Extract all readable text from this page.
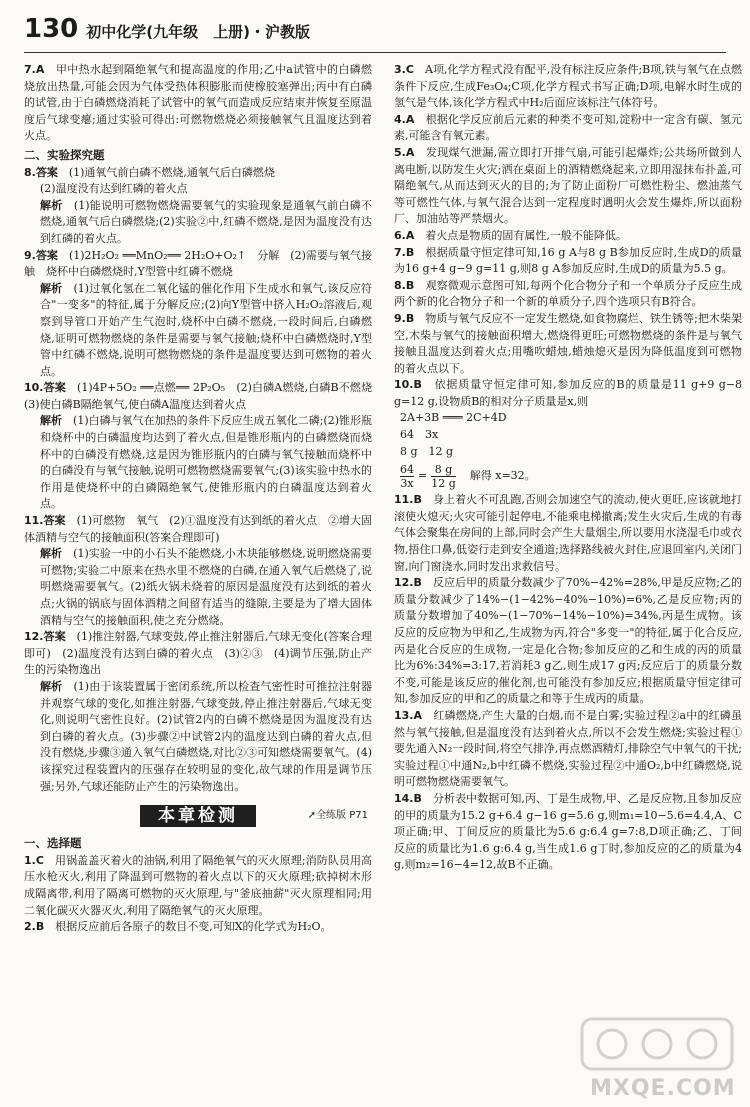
130 初中化学(九年级　上册)・沪教版

7.A　 甲中热水起到隔绝氧气和提高温度的作用;乙中a试管中的白磷燃烧放出热量,可能会因为气体受热体积膨胀而使橡胶塞弹出;丙中有白磷的试管,由于白磷燃烧消耗了试管中的氧气而造成反应结束并恢复至原温度后气球变瘪;通过实验可得出:可燃物燃烧必须接触氧气且温度达到着火点。

二、实验探究题

8.答案　 (1)通氧气前白磷不燃烧,通氧气后白磷燃烧

(2)温度没有达到红磷的着火点

解析　 (1)能说明可燃物燃烧需要氧气的实验现象是通氧气前白磷不燃烧,通氧气后白磷燃烧;(2)实验②中,红磷不燃烧,是因为温度没有达到红磷的着火点。

9.答案　 (1)2H₂O₂ ══MnO₂══ 2H₂O+O₂↑　分解　(2)需要与氧气接触　烧杯中白磷燃烧时,Y型管中红磷不燃烧

解析　 (1)过氧化氢在二氧化锰的催化作用下生成水和氧气,该反应符合"一变多"的特征,属于分解反应;(2)向Y型管中挤入H₂O₂溶液后,观察到导管口开始产生气泡时,烧杯中白磷不燃烧,一段时间后,白磷燃烧,证明可燃物燃烧的条件是需要与氧气接触;烧杯中白磷燃烧时,Y型管中红磷不燃烧,说明可燃物燃烧的条件是温度要达到可燃物的着火点。

10.答案　 (1)4P+5O₂ ══点燃══ 2P₂O₅　(2)白磷A燃烧,白磷B不燃烧　(3)使白磷B隔绝氧气,使白磷A温度达到着火点

解析　 (1)白磷与氧气在加热的条件下反应生成五氧化二磷;(2)锥形瓶和烧杯中的白磷温度均达到了着火点,但是锥形瓶内的白磷燃烧而烧杯中的白磷没有燃烧,这是因为锥形瓶内的白磷与氧气接触而烧杯中的白磷没有与氧气接触,说明可燃物燃烧需要氧气;(3)该实验中热水的作用是使烧杯中的白磷隔绝氧气,使锥形瓶内的白磷温度达到着火点。

11.答案　 (1)可燃物　氧气　(2)①温度没有达到纸的着火点　②增大固体酒精与空气的接触面积(答案合理即可)

解析　 (1)实验一中的小石头不能燃烧,小木块能够燃烧,说明燃烧需要可燃物;实验二中原来在热水里不燃烧的白磷,在通入氧气后燃烧了,说明燃烧需要氧气。(2)纸火锅未烧着的原因是温度没有达到纸的着火点;火锅的锅底与固体酒精之间留有适当的缝隙,主要是为了增大固体酒精与空气的接触面积,使之充分燃烧。

12.答案　 (1)推注射器,气球变鼓,停止推注射器后,气球无变化(答案合理即可)　(2)温度没有达到白磷的着火点　(3)②③　(4)调节压强,防止产生的污染物逸出

解析　 (1)由于该装置属于密闭系统,所以检查气密性时可推拉注射器并观察气球的变化,如推注射器,气球变鼓,停止推注射器后,气球无变化,则说明气密性良好。(2)试管2内的白磷不燃烧是因为温度没有达到白磷的着火点。(3)步骤②中试管2内的温度达到白磷的着火点,但没有燃烧,步骤③通入氧气白磷燃烧,对比②③可知燃烧需要氧气。(4)该探究过程装置内的压强存在较明显的变化,故气球的作用是调节压强;另外,气球还能防止产生的污染物逸出。

本章检测	➚全练版 P71
一、选择题

1.C　 用锅盖盖灭着火的油锅,利用了隔绝氧气的灭火原理;消防队员用高压水枪灭火,利用了降温到可燃物的着火点以下的灭火原理;砍掉树木形成隔离带,利用了隔离可燃物的灭火原理,与"釜底抽薪"灭火原理相同;用二氧化碳灭火器灭火,利用了隔绝氧气的灭火原理。

2.B　 根据反应前后各原子的数目不变,可知X的化学式为H₂O。

3.C　 A项,化学方程式没有配平,没有标注反应条件;B项,铁与氧气在点燃条件下反应,生成Fe₃O₄;C项,化学方程式书写正确;D项,电解水时生成的氢气是气体,该化学方程式中H₂后面应该标注气体符号。

4.A　 根据化学反应前后元素的种类不变可知,淀粉中一定含有碳、氢元素,可能含有氧元素。

5.A　 发现煤气泄漏,需立即打开排气扇,可能引起爆炸;公共场所做到人离电断,以防发生火灾;洒在桌面上的酒精燃烧起来,立即用湿抹布扑盖,可隔绝氧气,从而达到灭火的目的;为了防止面粉厂可燃性粉尘、燃油蒸气等可燃性气体,与氧气混合达到一定程度时遇明火会发生爆炸,所以面粉厂、加油站等严禁烟火。

6.A　 着火点是物质的固有属性,一般不能降低。

7.B　 根据质量守恒定律可知,16 g A与8 g B参加反应时,生成D的质量为16 g+4 g−9 g=11 g,则8 g A参加反应时,生成D的质量为5.5 g。

8.B　 观察微观示意图可知,每两个化合物分子和一个单质分子反应生成两个新的化合物分子和一个新的单质分子,四个选项只有B符合。

9.B　 物质与氧气反应不一定发生燃烧,如食物腐烂、铁生锈等;把木柴架空,木柴与氧气的接触面积增大,燃烧得更旺;可燃物燃烧的条件是与氧气接触且温度达到着火点;用嘴吹蜡烛,蜡烛熄灭是因为降低温度到可燃物的着火点以下。

10.B　 依据质量守恒定律可知,参加反应的B的质量是11 g+9 g−8 g=12 g,设物质B的相对分子质量是x,则

2A+3B ═══ 2C+4D

64　3x

8 g　12 g

$\frac{64}{3x} = \frac{8 g}{12 g}$ 解得 x=32。

11.B　 身上着火不可乱跑,否则会加速空气的流动,使火更旺,应该就地打滚使火熄灭;火灾可能引起停电,不能乘电梯撤离;发生火灾后,生成的有毒气体会聚集在房间的上部,同时会产生大量烟尘,所以要用水浇湿毛巾或衣物,捂住口鼻,低姿行走到安全通道;选择路线被火封住,应退回室内,关闭门窗,向门窗浇水,同时发出求救信号。

12.B　 反应后甲的质量分数减少了70%−42%=28%,甲是反应物;乙的质量分数减少了14%−(1−42%−40%−10%)=6%,乙是反应物;丙的质量分数增加了40%−(1−70%−14%−10%)=34%,丙是生成物。该反应的反应物为甲和乙,生成物为丙,符合"多变一"的特征,属于化合反应,丙是化合反应的生成物,一定是化合物;参加反应的乙和生成的丙的质量比为6%:34%=3:17,若消耗3 g乙,则生成17 g丙;反应后丁的质量分数不变,可能是该反应的催化剂,也可能没有参加反应;根据质量守恒定律可知,参加反应的甲和乙的质量之和等于生成丙的质量。

13.A　 红磷燃烧,产生大量的白烟,而不是白雾;实验过程②a中的红磷虽然与氧气接触,但是温度没有达到着火点,所以不会发生燃烧;实验过程①要先通入N₂一段时间,将空气排净,再点燃酒精灯,排除空气中氧气的干扰;实验过程①中通N₂,b中红磷不燃烧,实验过程②中通O₂,b中红磷燃烧,说明可燃物燃烧需要氧气。

14.B　 分析表中数据可知,丙、丁是生成物,甲、乙是反应物,且参加反应的甲的质量为15.2 g+6.4 g−16 g=5.6 g,则m₁=10−5.6=4.4,A、C项正确;甲、丁间反应的质量比为5.6 g:6.4 g=7:8,D项正确;乙、丁间反应的质量比为1.6 g:6.4 g,当生成1.6 g丁时,参加反应的乙的质量为4 g,则m₂=16−4=12,故B不正确。

MXQE.COM
